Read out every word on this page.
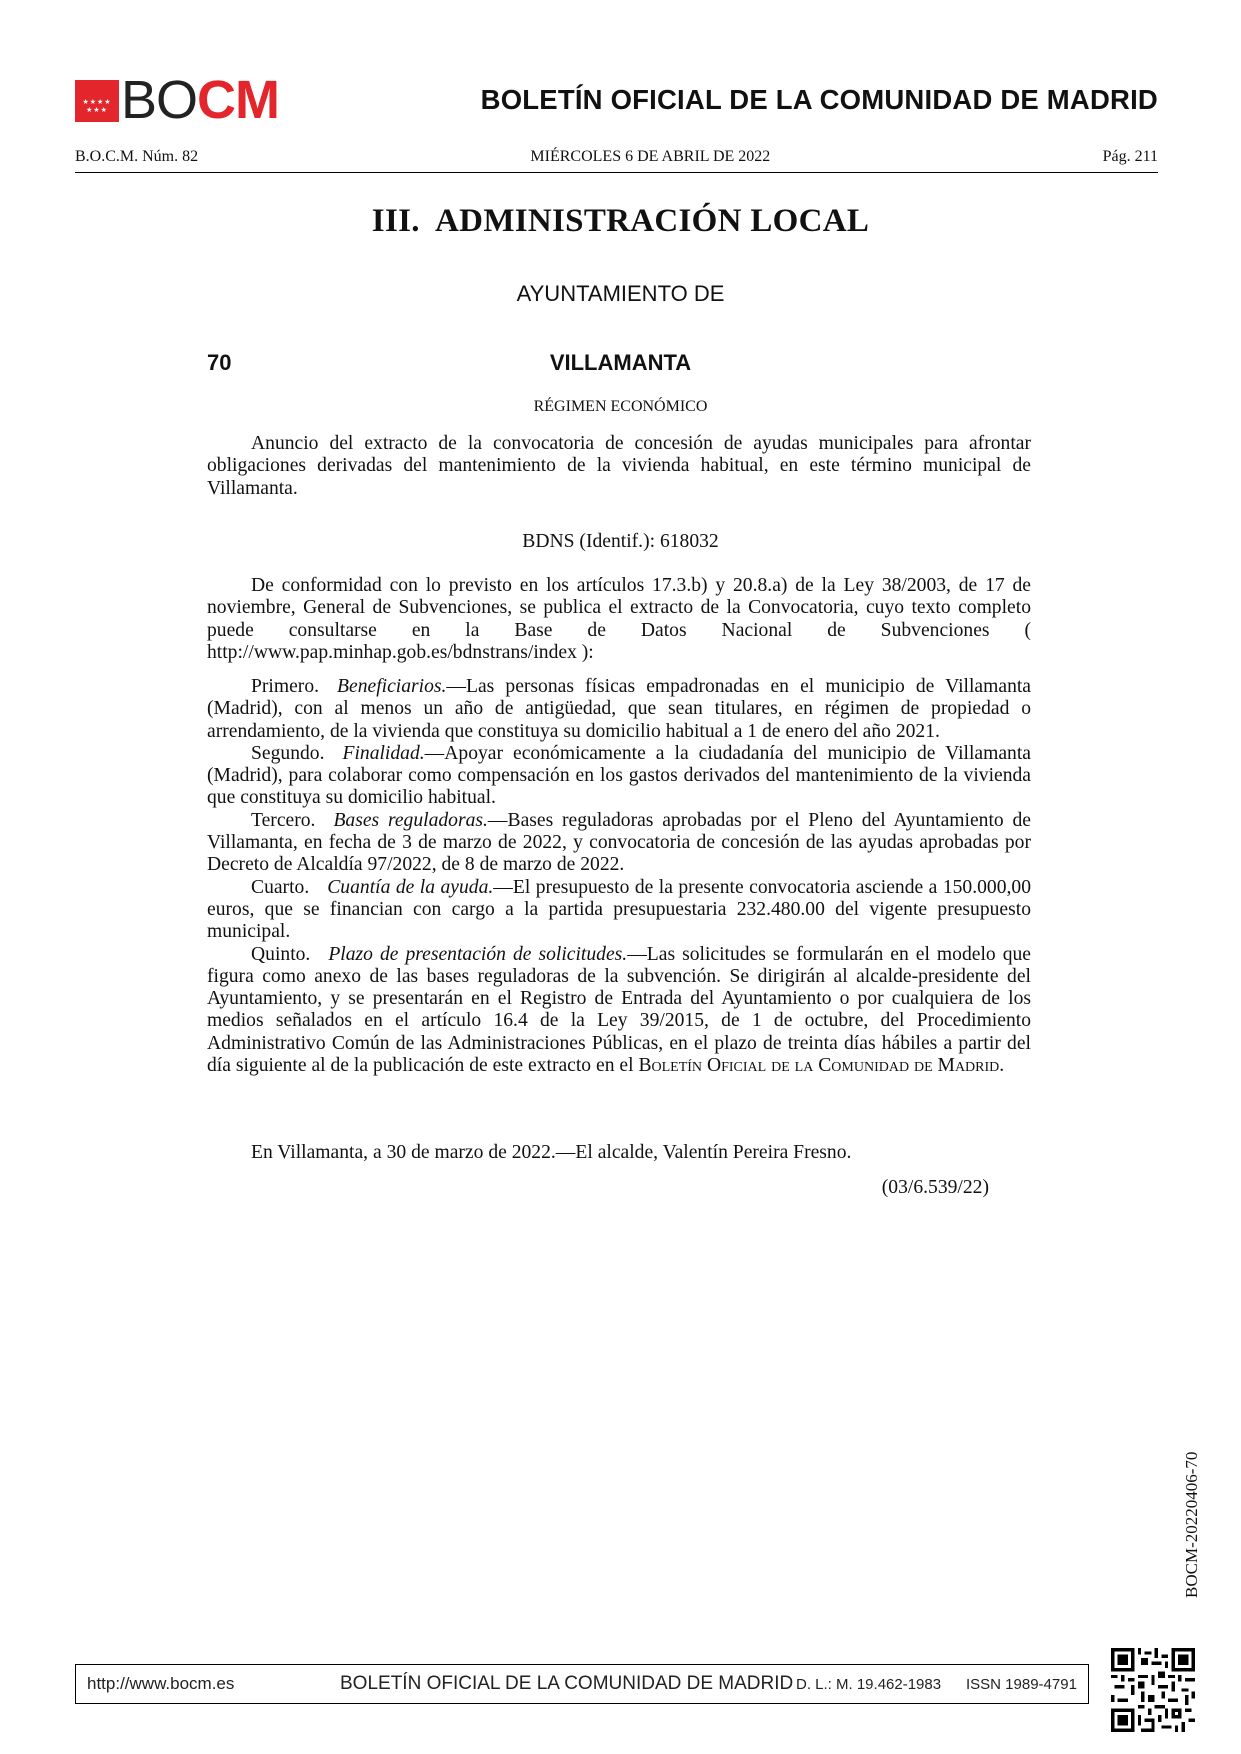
★★★★
★★★ BOCM	BOLETÍN OFICIAL DE LA COMUNIDAD DE MADRID
B.O.C.M. Núm. 82	MIÉRCOLES 6 DE ABRIL DE 2022	Pág. 211
III.  ADMINISTRACIÓN LOCAL
AYUNTAMIENTO DE
70	VILLAMANTA
RÉGIMEN ECONÓMICO

Anuncio del extracto de la convocatoria de concesión de ayudas municipales para afrontar obligaciones derivadas del mantenimiento de la vivienda habitual, en este término municipal de Villamanta.

BDNS (Identif.): 618032

De conformidad con lo previsto en los artículos 17.3.b) y 20.8.a) de la Ley 38/2003, de 17 de noviembre, General de Subvenciones, se publica el extracto de la Convocatoria, cuyo texto completo puede consultarse en la Base de Datos Nacional de Subvenciones ( http://www.pap.minhap.gob.es/bdnstrans/index ):

Primero. Beneficiarios.—Las personas físicas empadronadas en el municipio de Villamanta (Madrid), con al menos un año de antigüedad, que sean titulares, en régimen de propiedad o arrendamiento, de la vivienda que constituya su domicilio habitual a 1 de enero del año 2021.

Segundo. Finalidad.—Apoyar económicamente a la ciudadanía del municipio de Villamanta (Madrid), para colaborar como compensación en los gastos derivados del mantenimiento de la vivienda que constituya su domicilio habitual.

Tercero. Bases reguladoras.—Bases reguladoras aprobadas por el Pleno del Ayuntamiento de Villamanta, en fecha de 3 de marzo de 2022, y convocatoria de concesión de las ayudas aprobadas por Decreto de Alcaldía 97/2022, de 8 de marzo de 2022.

Cuarto. Cuantía de la ayuda.—El presupuesto de la presente convocatoria asciende a 150.000,00 euros, que se financian con cargo a la partida presupuestaria 232.480.00 del vigente presupuesto municipal.

Quinto. Plazo de presentación de solicitudes.—Las solicitudes se formularán en el modelo que figura como anexo de las bases reguladoras de la subvención. Se dirigirán al alcalde-presidente del Ayuntamiento, y se presentarán en el Registro de Entrada del Ayuntamiento o por cualquiera de los medios señalados en el artículo 16.4 de la Ley 39/2015, de 1 de octubre, del Procedimiento Administrativo Común de las Administraciones Públicas, en el plazo de treinta días hábiles a partir del día siguiente al de la publicación de este extracto en el Boletín Oficial de la Comunidad de Madrid.

En Villamanta, a 30 de marzo de 2022.—El alcalde, Valentín Pereira Fresno.

(03/6.539/22)
BOCM-20220406-70
http://www.bocm.es	BOLETÍN OFICIAL DE LA COMUNIDAD DE MADRID D. L.: M. 19.462-1983 ISSN 1989-4791
